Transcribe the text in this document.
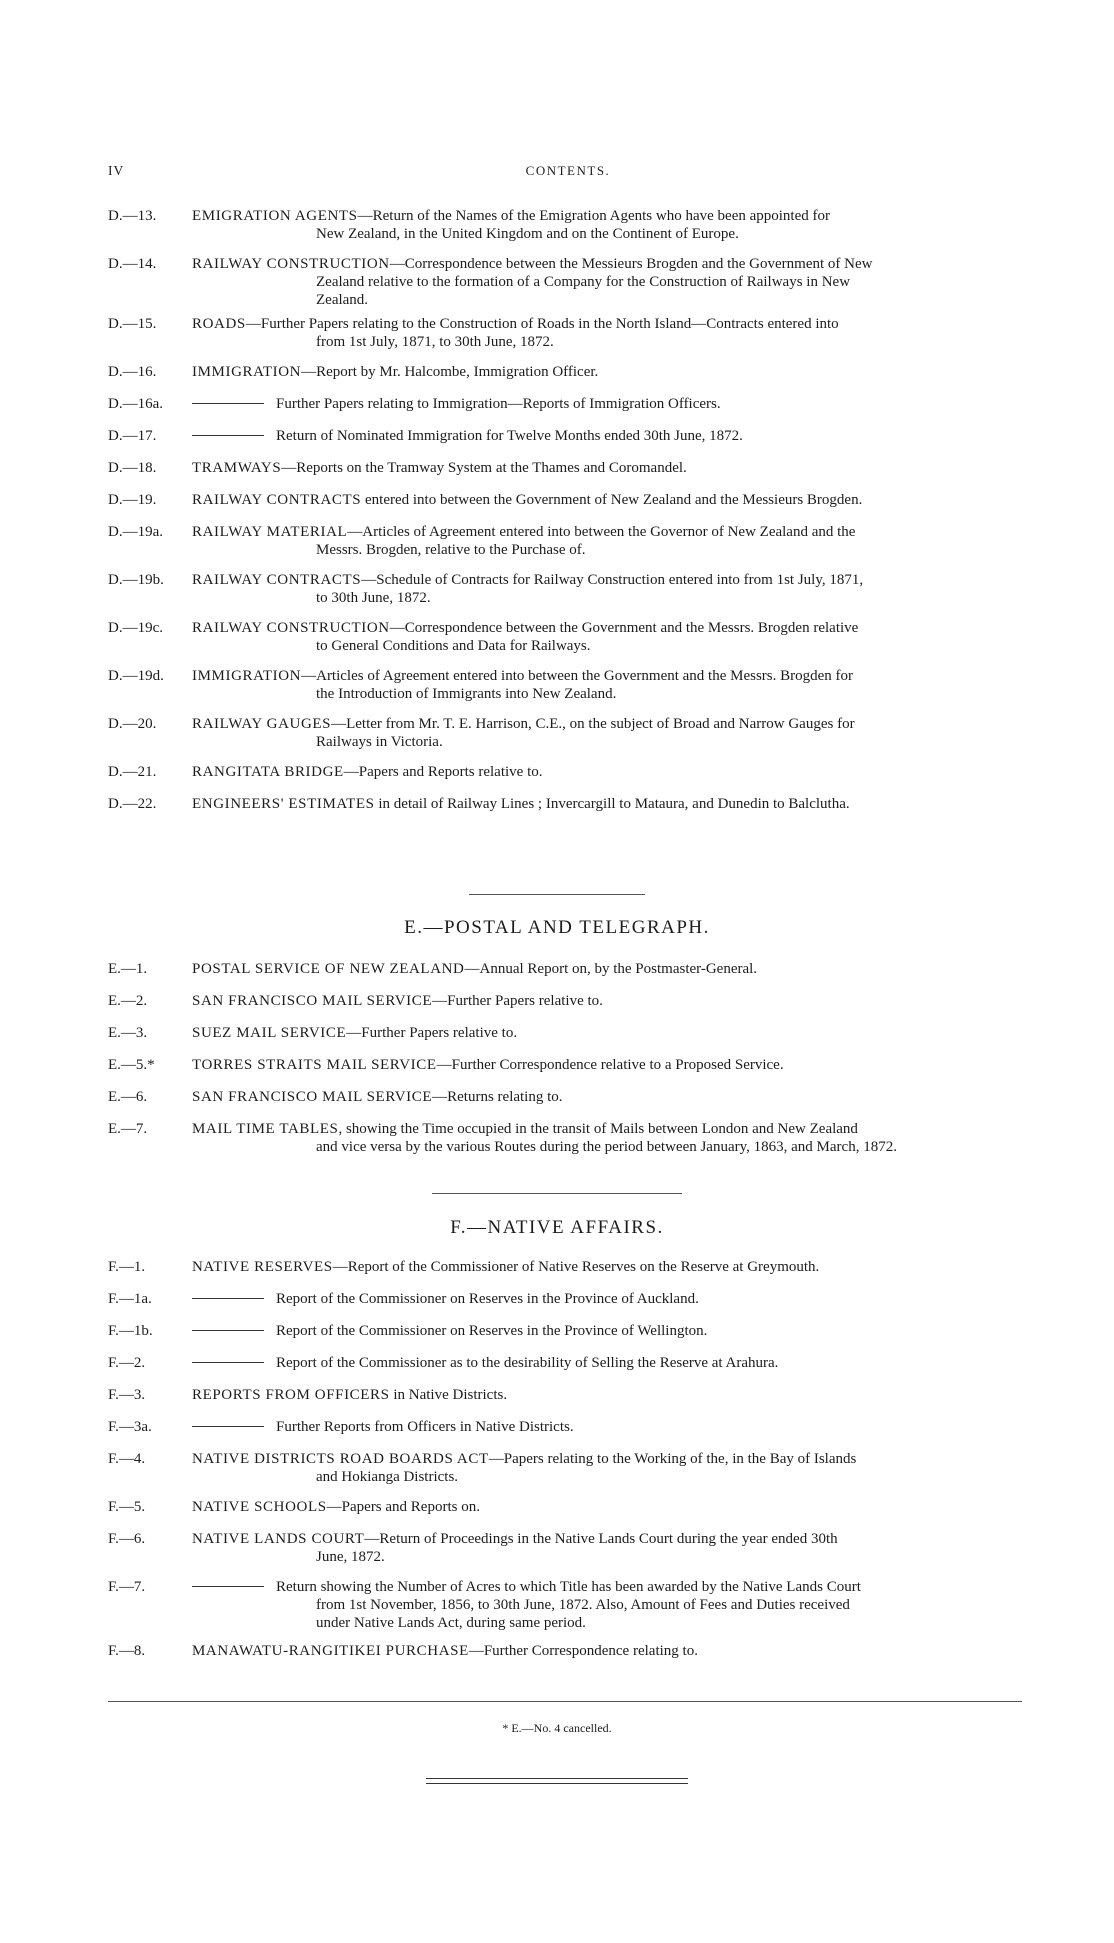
IV	CONTENTS.
D.—13.	EMIGRATION AGENTS—Return of the Names of the Emigration Agents who have been appointed for
New Zealand, in the United Kingdom and on the Continent of Europe.
D.—14.	RAILWAY CONSTRUCTION—Correspondence between the Messieurs Brogden and the Government of New
Zealand relative to the formation of a Company for the Construction of Railways in New
Zealand.
D.—15.	ROADS—Further Papers relating to the Construction of Roads in the North Island—Contracts entered into
from 1st July, 1871, to 30th June, 1872.
D.—16.	IMMIGRATION—Report by Mr. Halcombe, Immigration Officer.
D.—16a.	Further Papers relating to Immigration—Reports of Immigration Officers.
D.—17.	Return of Nominated Immigration for Twelve Months ended 30th June, 1872.
D.—18.	TRAMWAYS—Reports on the Tramway System at the Thames and Coromandel.
D.—19.	RAILWAY CONTRACTS entered into between the Government of New Zealand and the Messieurs Brogden.
D.—19a.	RAILWAY MATERIAL—Articles of Agreement entered into between the Governor of New Zealand and the
Messrs. Brogden, relative to the Purchase of.
D.—19b.	RAILWAY CONTRACTS—Schedule of Contracts for Railway Construction entered into from 1st July, 1871,
to 30th June, 1872.
D.—19c.	RAILWAY CONSTRUCTION—Correspondence between the Government and the Messrs. Brogden relative
to General Conditions and Data for Railways.
D.—19d.	IMMIGRATION—Articles of Agreement entered into between the Government and the Messrs. Brogden for
the Introduction of Immigrants into New Zealand.
D.—20.	RAILWAY GAUGES—Letter from Mr. T. E. Harrison, C.E., on the subject of Broad and Narrow Gauges for
Railways in Victoria.
D.—21.	RANGITATA BRIDGE—Papers and Reports relative to.
D.—22.	ENGINEERS' ESTIMATES in detail of Railway Lines ; Invercargill to Mataura, and Dunedin to Balclutha.
E.—POSTAL AND TELEGRAPH.
E.—1.	POSTAL SERVICE OF NEW ZEALAND—Annual Report on, by the Postmaster-General.
E.—2.	SAN FRANCISCO MAIL SERVICE—Further Papers relative to.
E.—3.	SUEZ MAIL SERVICE—Further Papers relative to.
E.—5.*	TORRES STRAITS MAIL SERVICE—Further Correspondence relative to a Proposed Service.
E.—6.	SAN FRANCISCO MAIL SERVICE—Returns relating to.
E.—7.	MAIL TIME TABLES, showing the Time occupied in the transit of Mails between London and New Zealand
and vice versa by the various Routes during the period between January, 1863, and March, 1872.
F.—NATIVE AFFAIRS.
F.—1.	NATIVE RESERVES—Report of the Commissioner of Native Reserves on the Reserve at Greymouth.
F.—1a.	Report of the Commissioner on Reserves in the Province of Auckland.
F.—1b.	Report of the Commissioner on Reserves in the Province of Wellington.
F.—2.	Report of the Commissioner as to the desirability of Selling the Reserve at Arahura.
F.—3.	REPORTS FROM OFFICERS in Native Districts.
F.—3a.	Further Reports from Officers in Native Districts.
F.—4.	NATIVE DISTRICTS ROAD BOARDS ACT—Papers relating to the Working of the, in the Bay of Islands
and Hokianga Districts.
F.—5.	NATIVE SCHOOLS—Papers and Reports on.
F.—6.	NATIVE LANDS COURT—Return of Proceedings in the Native Lands Court during the year ended 30th
June, 1872.
F.—7.	Return showing the Number of Acres to which Title has been awarded by the Native Lands Court
from 1st November, 1856, to 30th June, 1872. Also, Amount of Fees and Duties received
under Native Lands Act, during same period.
F.—8.	MANAWATU-RANGITIKEI PURCHASE—Further Correspondence relating to.
* E.—No. 4 cancelled.
